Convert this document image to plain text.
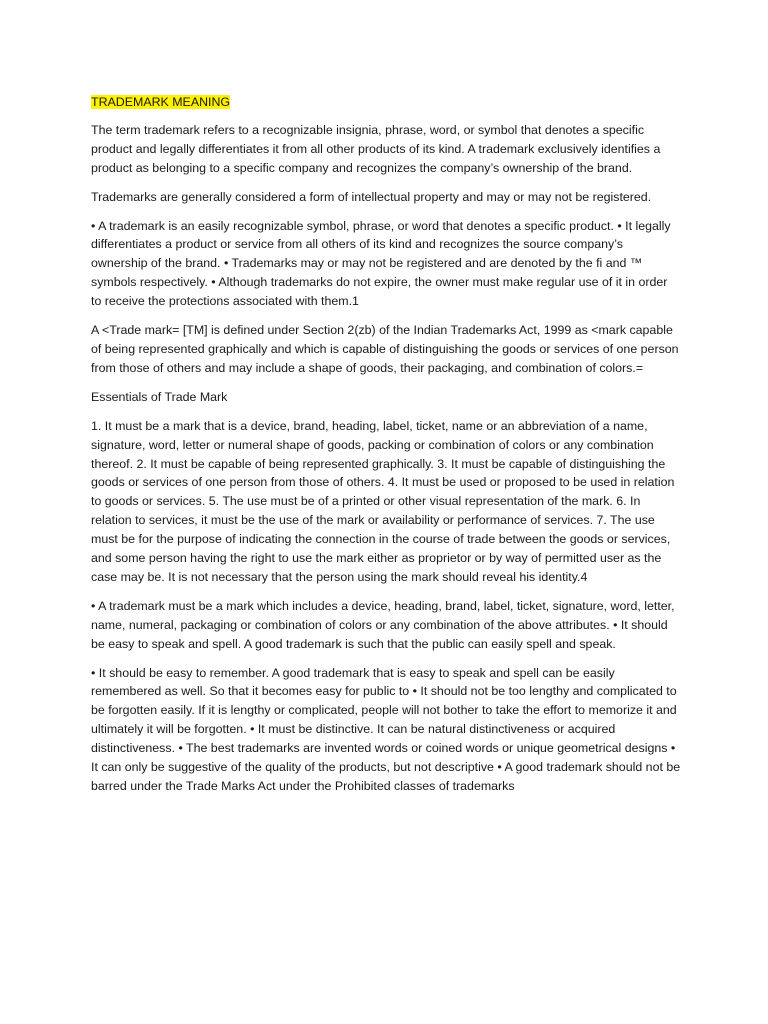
TRADEMARK MEANING

The term trademark refers to a recognizable insignia, phrase, word, or symbol that denotes a specific product and legally differentiates it from all other products of its kind. A trademark exclusively identifies a product as belonging to a specific company and recognizes the company’s ownership of the brand.

Trademarks are generally considered a form of intellectual property and may or may not be registered.

• A trademark is an easily recognizable symbol, phrase, or word that denotes a specific product. • It legally differentiates a product or service from all others of its kind and recognizes the source company’s ownership of the brand. • Trademarks may or may not be registered and are denoted by the fi and ™ symbols respectively. • Although trademarks do not expire, the owner must make regular use of it in order to receive the protections associated with them.1

A <Trade mark= [TM] is defined under Section 2(zb) of the Indian Trademarks Act, 1999 as <mark capable of being represented graphically and which is capable of distinguishing the goods or services of one person from those of others and may include a shape of goods, their packaging, and combination of colors.=

Essentials of Trade Mark

1. It must be a mark that is a device, brand, heading, label, ticket, name or an abbreviation of a name, signature, word, letter or numeral shape of goods, packing or combination of colors or any combination thereof. 2. It must be capable of being represented graphically. 3. It must be capable of distinguishing the goods or services of one person from those of others. 4. It must be used or proposed to be used in relation to goods or services. 5. The use must be of a printed or other visual representation of the mark. 6. In relation to services, it must be the use of the mark or availability or performance of services. 7. The use must be for the purpose of indicating the connection in the course of trade between the goods or services, and some person having the right to use the mark either as proprietor or by way of permitted user as the case may be. It is not necessary that the person using the mark should reveal his identity.4

• A trademark must be a mark which includes a device, heading, brand, label, ticket, signature, word, letter, name, numeral, packaging or combination of colors or any combination of the above attributes. • It should be easy to speak and spell. A good trademark is such that the public can easily spell and speak.

• It should be easy to remember. A good trademark that is easy to speak and spell can be easily remembered as well. So that it becomes easy for public to • It should not be too lengthy and complicated to be forgotten easily. If it is lengthy or complicated, people will not bother to take the effort to memorize it and ultimately it will be forgotten. • It must be distinctive. It can be natural distinctiveness or acquired distinctiveness. • The best trademarks are invented words or coined words or unique geometrical designs • It can only be suggestive of the quality of the products, but not descriptive • A good trademark should not be barred under the Trade Marks Act under the Prohibited classes of trademarks
